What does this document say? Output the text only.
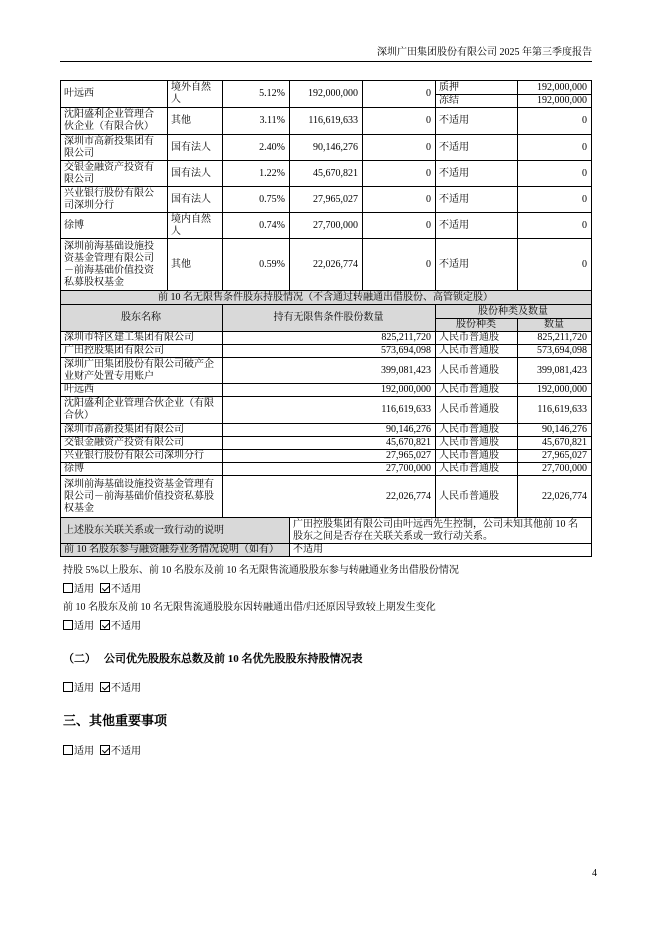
深圳广田集团股份有限公司 2025 年第三季度报告
叶远西	境外自然人	5.12%	192,000,000	0	质押	192,000,000
					冻结	192,000,000
沈阳盛利企业管理合伙企业（有限合伙）	其他	3.11%	116,619,633	0	不适用	0
深圳市高新投集团有限公司	国有法人	2.40%	90,146,276	0	不适用	0
交银金融资产投资有限公司	国有法人	1.22%	45,670,821	0	不适用	0
兴业银行股份有限公司深圳分行	国有法人	0.75%	27,965,027	0	不适用	0
徐博	境内自然人	0.74%	27,700,000	0	不适用	0
深圳前海基础设施投资基金管理有限公司－前海基础价值投资私募股权基金	其他	0.59%	22,026,774	0	不适用	0
前 10 名无限售条件股东持股情况（不含通过转融通出借股份、高管锁定股）						
股东名称		持有无限售条件股份数量			股份种类及数量	
					股份种类	数量
深圳市特区建工集团有限公司		825,211,720			人民币普通股	825,211,720
广田控股集团有限公司		573,694,098			人民币普通股	573,694,098
深圳广田集团股份有限公司破产企业财产处置专用账户		399,081,423			人民币普通股	399,081,423
叶远西		192,000,000			人民币普通股	192,000,000
沈阳盛利企业管理合伙企业（有限合伙）		116,619,633			人民币普通股	116,619,633
深圳市高新投集团有限公司		90,146,276			人民币普通股	90,146,276
交银金融资产投资有限公司		45,670,821			人民币普通股	45,670,821
兴业银行股份有限公司深圳分行		27,965,027			人民币普通股	27,965,027
徐博		27,700,000			人民币普通股	27,700,000
深圳前海基础设施投资基金管理有限公司－前海基础价值投资私募股权基金		22,026,774			人民币普通股	22,026,774
上述股东关联关系或一致行动的说明			广田控股集团有限公司由叶远西先生控制，公司未知其他前 10 名股东之间是否存在关联关系或一致行动关系。			
前 10 名股东参与融资融券业务情况说明（如有）			不适用			
持股 5%以上股东、前 10 名股东及前 10 名无限售流通股股东参与转融通业务出借股份情况
适用 不适用
前 10 名股东及前 10 名无限售流通股股东因转融通出借/归还原因导致较上期发生变化
适用 不适用
（二） 公司优先股股东总数及前 10 名优先股股东持股情况表
适用 不适用
三、其他重要事项
适用 不适用
4
